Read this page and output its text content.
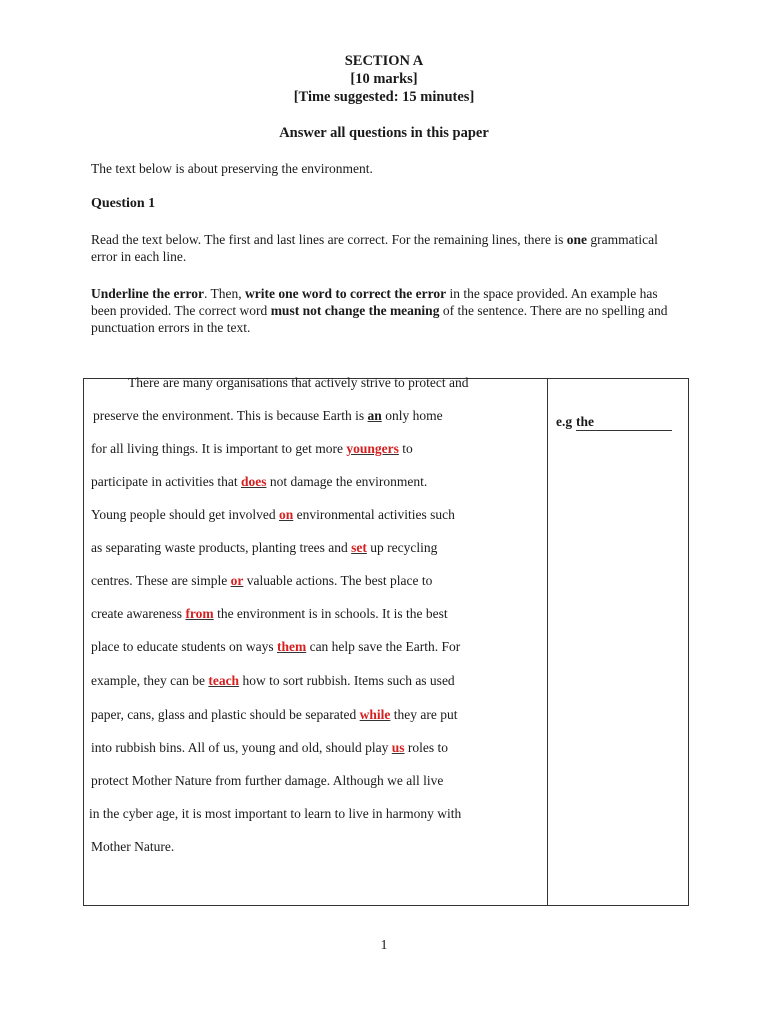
SECTION A
[10 marks]
[Time suggested: 15 minutes]
Answer all questions in this paper
The text below is about preserving the environment.
Question 1
Read the text below. The first and last lines are correct. For the remaining lines, there is one grammatical error in each line.
Underline the error. Then, write one word to correct the error in the space provided. An example has been provided. The correct word must not change the meaning of the sentence. There are no spelling and punctuation errors in the text.
There are many organisations that actively strive to protect and
preserve the environment. This is because Earth is an only home
for all living things. It is important to get more youngers to
participate in activities that does not damage the environment.
Young people should get involved on environmental activities such
as separating waste products, planting trees and set up recycling
centres. These are simple or valuable actions. The best place to
create awareness from the environment is in schools. It is the best
place to educate students on ways them can help save the Earth. For
example, they can be teach how to sort rubbish. Items such as used
paper, cans, glass and plastic should be separated while they are put
into rubbish bins. All of us, young and old, should play us roles to
protect Mother Nature from further damage. Although we all live
in the cyber age, it is most important to learn to live in harmony with
Mother Nature.
e.g the
1
